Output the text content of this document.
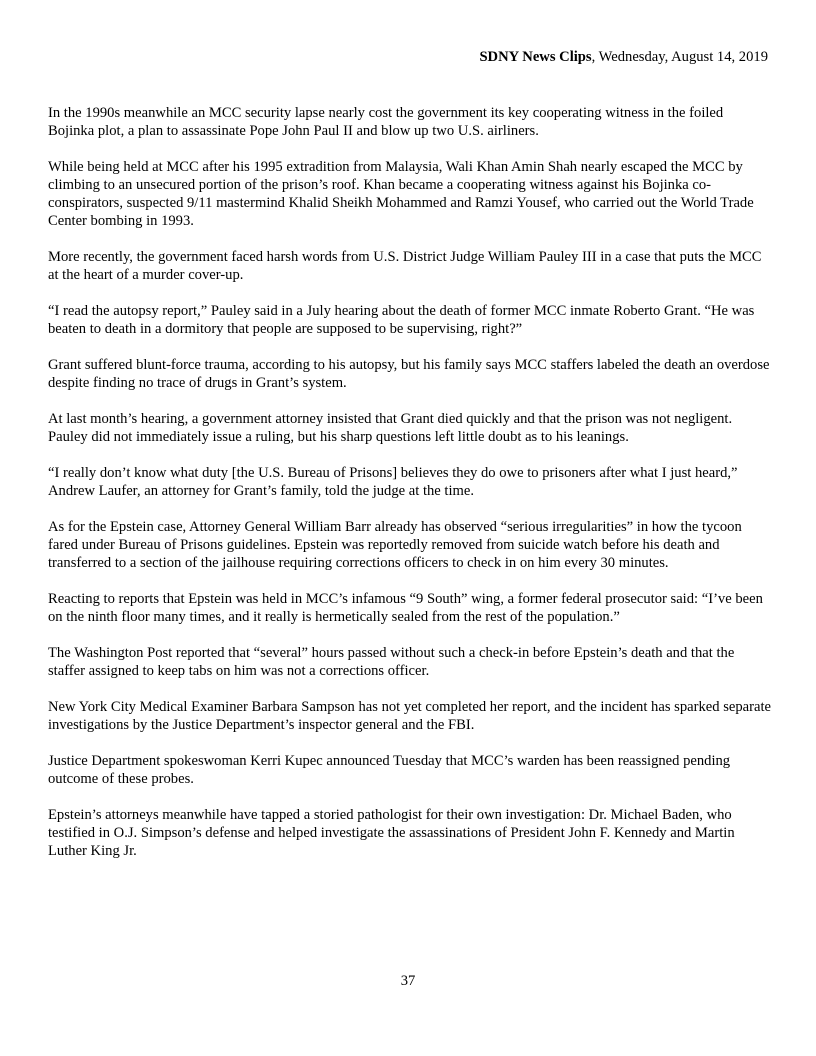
SDNY News Clips, Wednesday, August 14, 2019

In the 1990s meanwhile an MCC security lapse nearly cost the government its key cooperating witness in the foiled Bojinka plot, a plan to assassinate Pope John Paul II and blow up two U.S. airliners.

While being held at MCC after his 1995 extradition from Malaysia, Wali Khan Amin Shah nearly escaped the MCC by climbing to an unsecured portion of the prison’s roof. Khan became a cooperating witness against his Bojinka co-conspirators, suspected 9/11 mastermind Khalid Sheikh Mohammed and Ramzi Yousef, who carried out the World Trade Center bombing in 1993.

More recently, the government faced harsh words from U.S. District Judge William Pauley III in a case that puts the MCC at the heart of a murder cover-up.

“I read the autopsy report,” Pauley said in a July hearing about the death of former MCC inmate Roberto Grant. “He was beaten to death in a dormitory that people are supposed to be supervising, right?”

Grant suffered blunt-force trauma, according to his autopsy, but his family says MCC staffers labeled the death an overdose despite finding no trace of drugs in Grant’s system.

At last month’s hearing, a government attorney insisted that Grant died quickly and that the prison was not negligent. Pauley did not immediately issue a ruling, but his sharp questions left little doubt as to his leanings.

“I really don’t know what duty [the U.S. Bureau of Prisons] believes they do owe to prisoners after what I just heard,” Andrew Laufer, an attorney for Grant’s family, told the judge at the time.

As for the Epstein case, Attorney General William Barr already has observed “serious irregularities” in how the tycoon fared under Bureau of Prisons guidelines. Epstein was reportedly removed from suicide watch before his death and transferred to a section of the jailhouse requiring corrections officers to check in on him every 30 minutes.

Reacting to reports that Epstein was held in MCC’s infamous “9 South” wing, a former federal prosecutor said: “I’ve been on the ninth floor many times, and it really is hermetically sealed from the rest of the population.”

The Washington Post reported that “several” hours passed without such a check-in before Epstein’s death and that the staffer assigned to keep tabs on him was not a corrections officer.

New York City Medical Examiner Barbara Sampson has not yet completed her report, and the incident has sparked separate investigations by the Justice Department’s inspector general and the FBI.

Justice Department spokeswoman Kerri Kupec announced Tuesday that MCC’s warden has been reassigned pending outcome of these probes.

Epstein’s attorneys meanwhile have tapped a storied pathologist for their own investigation: Dr. Michael Baden, who testified in O.J. Simpson’s defense and helped investigate the assassinations of President John F. Kennedy and Martin Luther King Jr.

37
